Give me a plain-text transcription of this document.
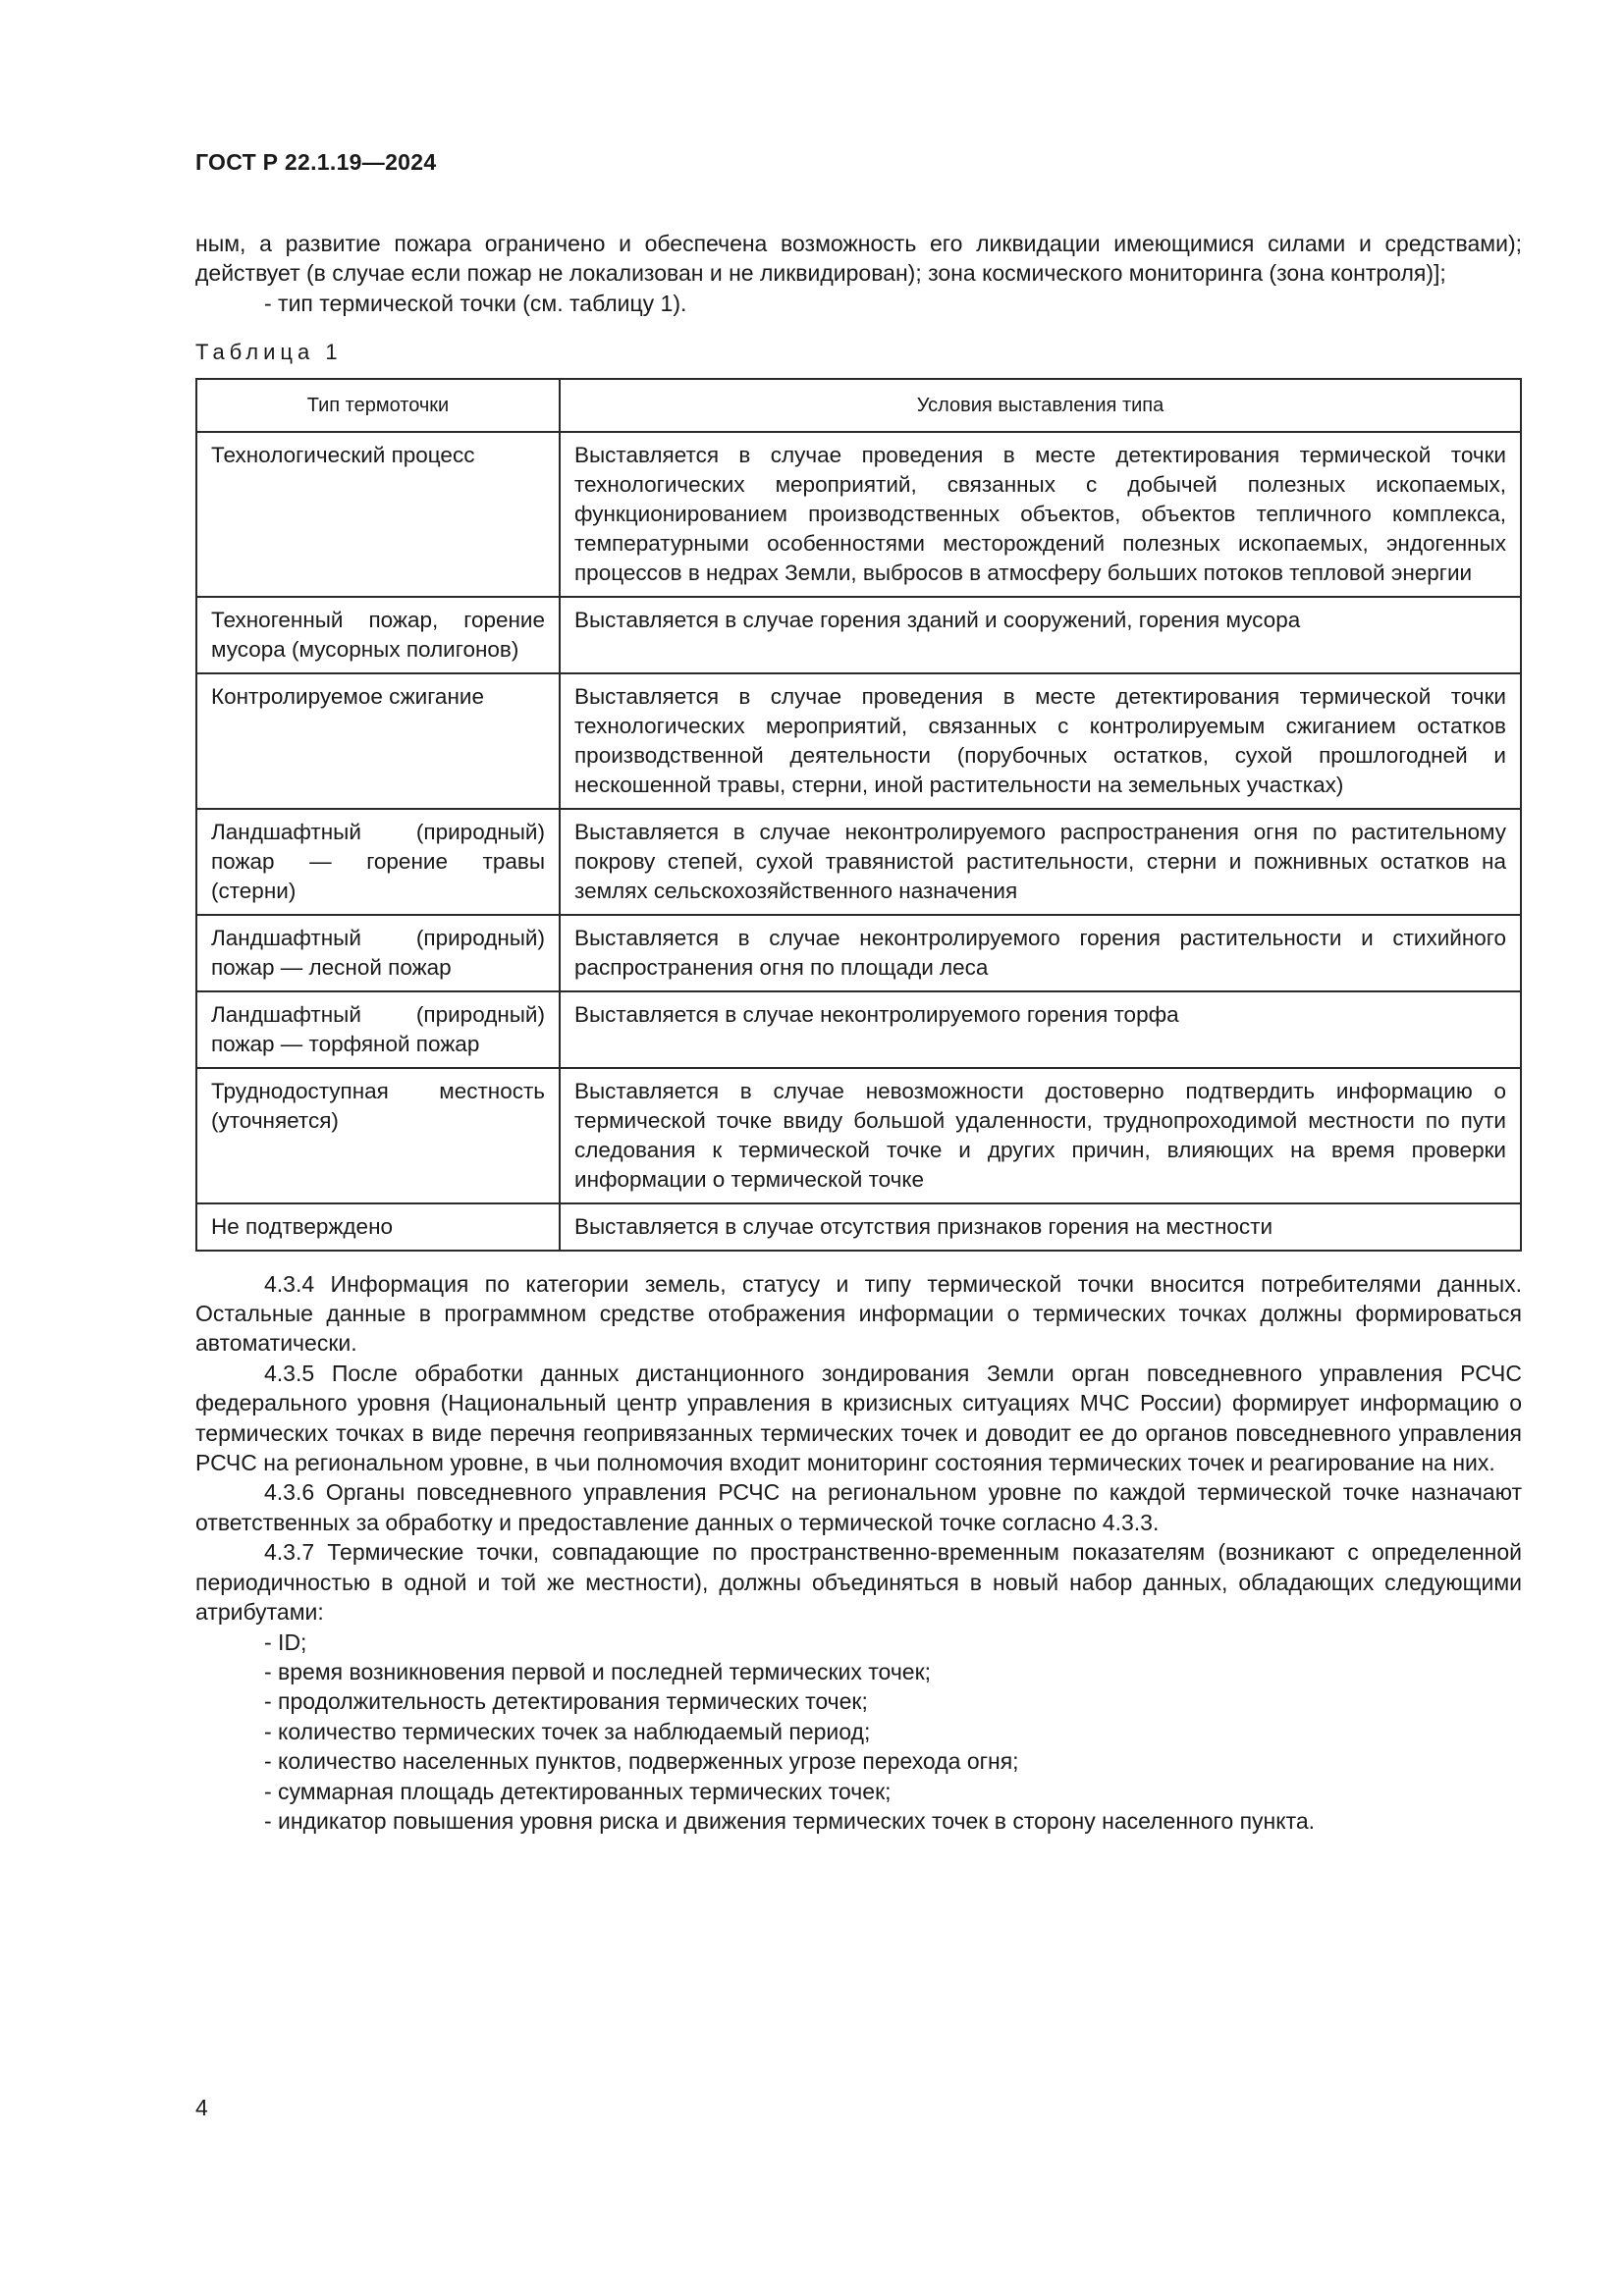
ГОСТ Р 22.1.19—2024

ным, а развитие пожара ограничено и обеспечена возможность его ликвидации имеющимися силами и средствами); действует (в случае если пожар не локализован и не ликвидирован); зона космического мониторинга (зона контроля)];

- тип термической точки (см. таблицу 1).

Таблица 1
Тип термоточки	Условия выставления типа
Технологический процесс	Выставляется в случае проведения в месте детектирования термической точки технологических мероприятий, связанных с добычей полезных ископаемых, функционированием производственных объектов, объектов тепличного комплекса, температурными особенностями месторождений полезных ископаемых, эндогенных процессов в недрах Земли, выбросов в атмосферу больших потоков тепловой энергии
Техногенный пожар, горение мусора (мусорных полигонов)	Выставляется в случае горения зданий и сооружений, горения мусора
Контролируемое сжигание	Выставляется в случае проведения в месте детектирования термической точки технологических мероприятий, связанных с контролируемым сжиганием остатков производственной деятельности (порубочных остатков, сухой прошлогодней и нескошенной травы, стерни, иной растительности на земельных участках)
Ландшафтный (природный) пожар — горение травы (стерни)	Выставляется в случае неконтролируемого распространения огня по растительному покрову степей, сухой травянистой растительности, стерни и пожнивных остатков на землях сельскохозяйственного назначения
Ландшафтный (природный) пожар — лесной пожар	Выставляется в случае неконтролируемого горения растительности и стихийного распространения огня по площади леса
Ландшафтный (природный) пожар — торфяной пожар	Выставляется в случае неконтролируемого горения торфа
Труднодоступная местность (уточняется)	Выставляется в случае невозможности достоверно подтвердить информацию о термической точке ввиду большой удаленности, труднопроходимой местности по пути следования к термической точке и других причин, влияющих на время проверки информации о термической точке
Не подтверждено	Выставляется в случае отсутствия признаков горения на местности

4.3.4 Информация по категории земель, статусу и типу термической точки вносится потребителями данных. Остальные данные в программном средстве отображения информации о термических точках должны формироваться автоматически.

4.3.5 После обработки данных дистанционного зондирования Земли орган повседневного управления РСЧС федерального уровня (Национальный центр управления в кризисных ситуациях МЧС России) формирует информацию о термических точках в виде перечня геопривязанных термических точек и доводит ее до органов повседневного управления РСЧС на региональном уровне, в чьи полномочия входит мониторинг состояния термических точек и реагирование на них.

4.3.6 Органы повседневного управления РСЧС на региональном уровне по каждой термической точке назначают ответственных за обработку и предоставление данных о термической точке согласно 4.3.3.

4.3.7 Термические точки, совпадающие по пространственно-временным показателям (возникают с определенной периодичностью в одной и той же местности), должны объединяться в новый набор данных, обладающих следующими атрибутами:

- ID;

- время возникновения первой и последней термических точек;

- продолжительность детектирования термических точек;

- количество термических точек за наблюдаемый период;

- количество населенных пунктов, подверженных угрозе перехода огня;

- суммарная площадь детектированных термических точек;

- индикатор повышения уровня риска и движения термических точек в сторону населенного пункта.

4
